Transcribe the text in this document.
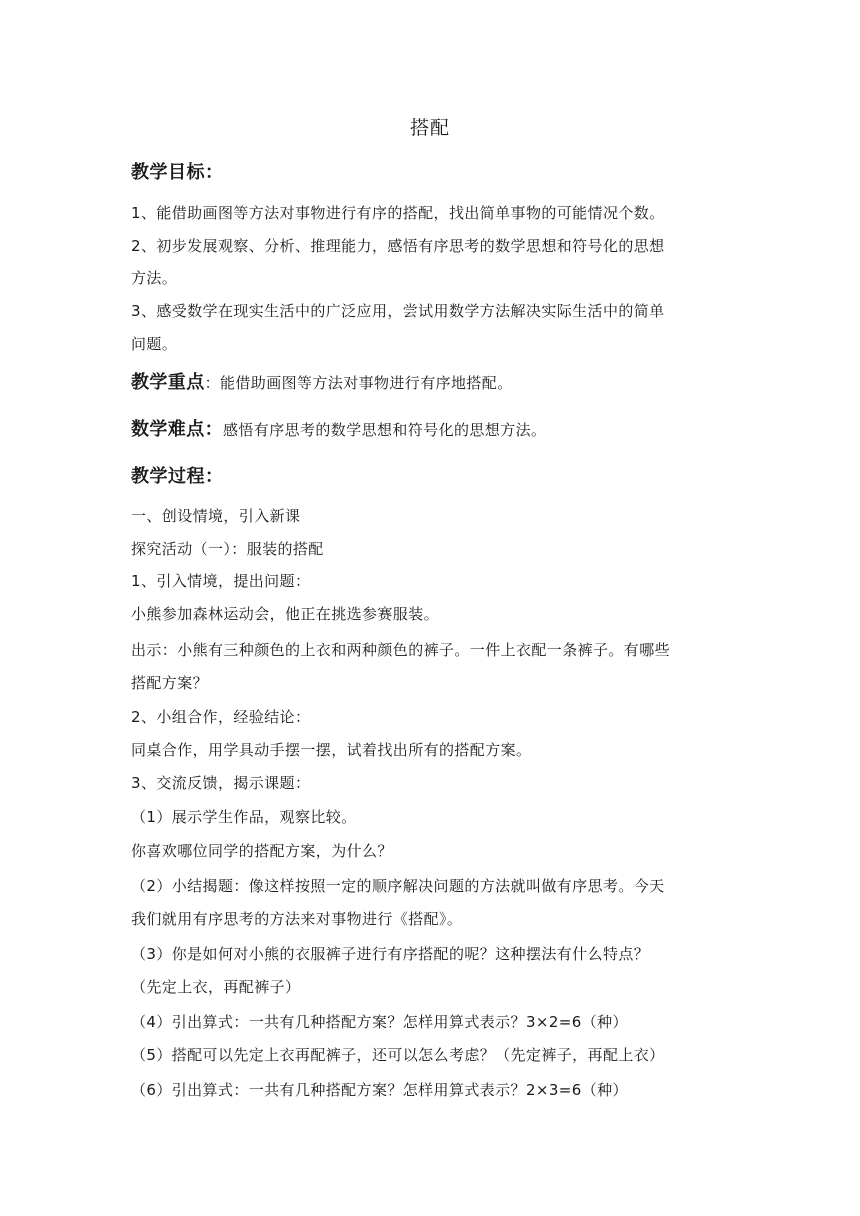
搭配
教学目标：
1、能借助画图等方法对事物进行有序的搭配，找出简单事物的可能情况个数。
2、初步发展观察、分析、推理能力，感悟有序思考的数学思想和符号化的思想
方法。
3、感受数学在现实生活中的广泛应用，尝试用数学方法解决实际生活中的简单
问题。
教学重点：能借助画图等方法对事物进行有序地搭配。
数学难点：感悟有序思考的数学思想和符号化的思想方法。
教学过程：
一、创设情境，引入新课
探究活动（一）：服装的搭配
1、引入情境，提出问题：
小熊参加森林运动会，他正在挑选参赛服装。
出示：小熊有三种颜色的上衣和两种颜色的裤子。一件上衣配一条裤子。有哪些
搭配方案？
2、小组合作，经验结论：
同桌合作，用学具动手摆一摆，试着找出所有的搭配方案。
3、交流反馈，揭示课题：
（1）展示学生作品，观察比较。
你喜欢哪位同学的搭配方案，为什么？
（2）小结揭题：像这样按照一定的顺序解决问题的方法就叫做有序思考。今天
我们就用有序思考的方法来对事物进行《搭配》。
（3）你是如何对小熊的衣服裤子进行有序搭配的呢？这种摆法有什么特点？
（先定上衣，再配裤子）
（4）引出算式：一共有几种搭配方案？怎样用算式表示？3×2=6（种）
（5）搭配可以先定上衣再配裤子，还可以怎么考虑？（先定裤子，再配上衣）
（6）引出算式：一共有几种搭配方案？怎样用算式表示？2×3=6（种）
